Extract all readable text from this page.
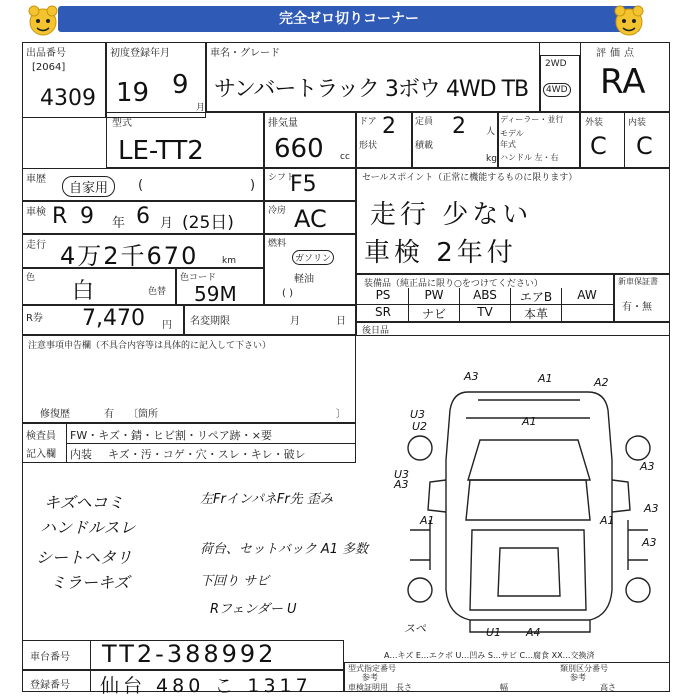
完全ゼロ切りコーナー
出品番号
[2064]
4309
初度登録年月
19 9
月
車名・グレード
サンバートラック 3ボウ 4WD TB
2WD
4WD
評価点
RA
型式
LE-TT2
排気量
660 cc
ドア 2
形状
定員 2 人
積載
kg
ディーラー・並行
モデル年式
ハンドル 左・右
外装	内装
C C
車歴
自家用	(	) シフト
F5
車検 R 9 年 6 月 (25日)
冷房 AC
走行 4万2千670	km
燃料
ガソリン
軽油
( )
色
白	色替
色コード
59M
R券 7,470 円 名変期限	月	日
セールスポイント（正常に機能するものに限ります）
走行 少ない
車検 2年付
装備品（純正品に限り○をつけてください）
PS	PW	ABS	エアB	AW
SR	ナビ	TV	本革
新車保証書
有・無
後日品
注意事項申告欄（不具合内容等は具体的に記入して下さい）
修復歴	有 〔箇所	〕
検査員
記入欄
FW・キズ・錆・ヒビ割・リペア跡・×要
内装 キズ・汚・コゲ・穴・スレ・キレ・破レ
キズヘコミ
ハンドルスレ
シートヘタリ
ミラーキズ
左FrインパネFr先 歪み
荷台、セットバック A1 多数
下回り サビ
Rフェンダー U
A3	A1	A2
A1
U3
U2
A3
A3
U3
A3
A3
U1 A4
スペ
A1	A1
A…キズ E…エクボ U…凹み S…サビ C…腐食 XX…交換済
車台番号 TT2-388992
登録番号 仙台 480 こ 1317
型式指定番号
参考
類別区分番号
参考
車検証明用 長さ	幅	高さ
